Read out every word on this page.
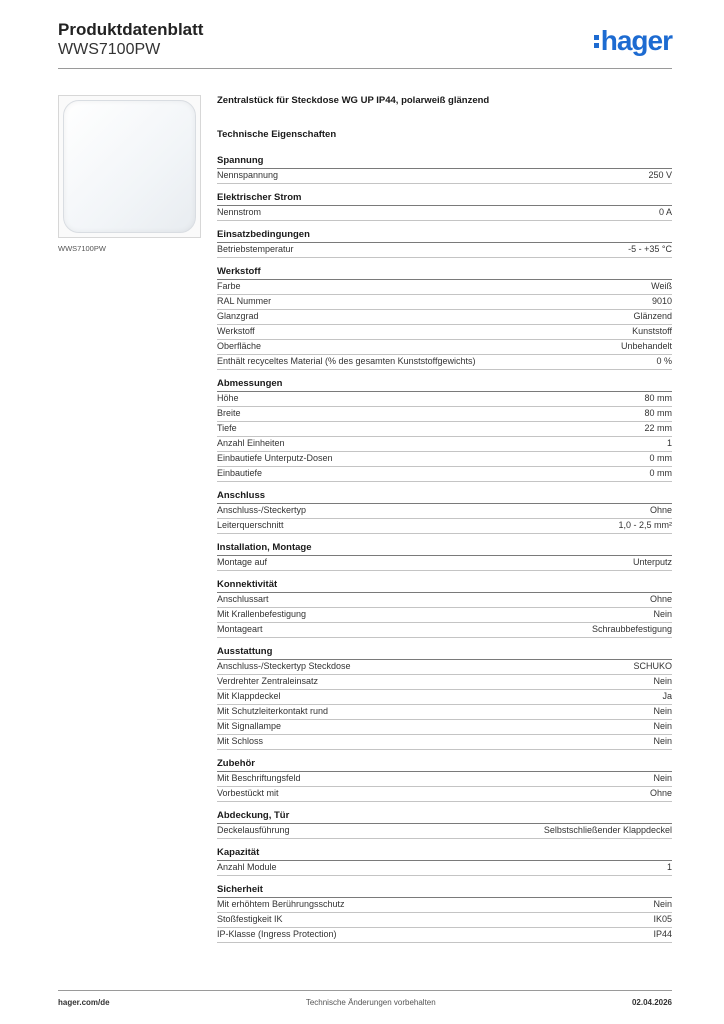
Produktdatenblatt
WWS7100PW	hager
WWS7100PW
Zentralstück für Steckdose WG UP IP44, polarweiß glänzend
Technische Eigenschaften
Spannung
Nennspannung	250 V
Elektrischer Strom
Nennstrom	0 A
Einsatzbedingungen
Betriebstemperatur	-5 - +35 °C
Werkstoff
Farbe	Weiß
RAL Nummer	9010
Glanzgrad	Glänzend
Werkstoff	Kunststoff
Oberfläche	Unbehandelt
Enthält recyceltes Material (% des gesamten Kunststoffgewichts)	0 %
Abmessungen
Höhe	80 mm
Breite	80 mm
Tiefe	22 mm
Anzahl Einheiten	1
Einbautiefe Unterputz-Dosen	0 mm
Einbautiefe	0 mm
Anschluss
Anschluss-/Steckertyp	Ohne
Leiterquerschnitt	1,0 - 2,5 mm²
Installation, Montage
Montage auf	Unterputz
Konnektivität
Anschlussart	Ohne
Mit Krallenbefestigung	Nein
Montageart	Schraubbefestigung
Ausstattung
Anschluss-/Steckertyp Steckdose	SCHUKO
Verdrehter Zentraleinsatz	Nein
Mit Klappdeckel	Ja
Mit Schutzleiterkontakt rund	Nein
Mit Signallampe	Nein
Mit Schloss	Nein
Zubehör
Mit Beschriftungsfeld	Nein
Vorbestückt mit	Ohne
Abdeckung, Tür
Deckelausführung	Selbstschließender Klappdeckel
Kapazität
Anzahl Module	1
Sicherheit
Mit erhöhtem Berührungsschutz	Nein
Stoßfestigkeit IK	IK05
IP-Klasse (Ingress Protection)	IP44
hager.com/de	Technische Änderungen vorbehalten	02.04.2026
